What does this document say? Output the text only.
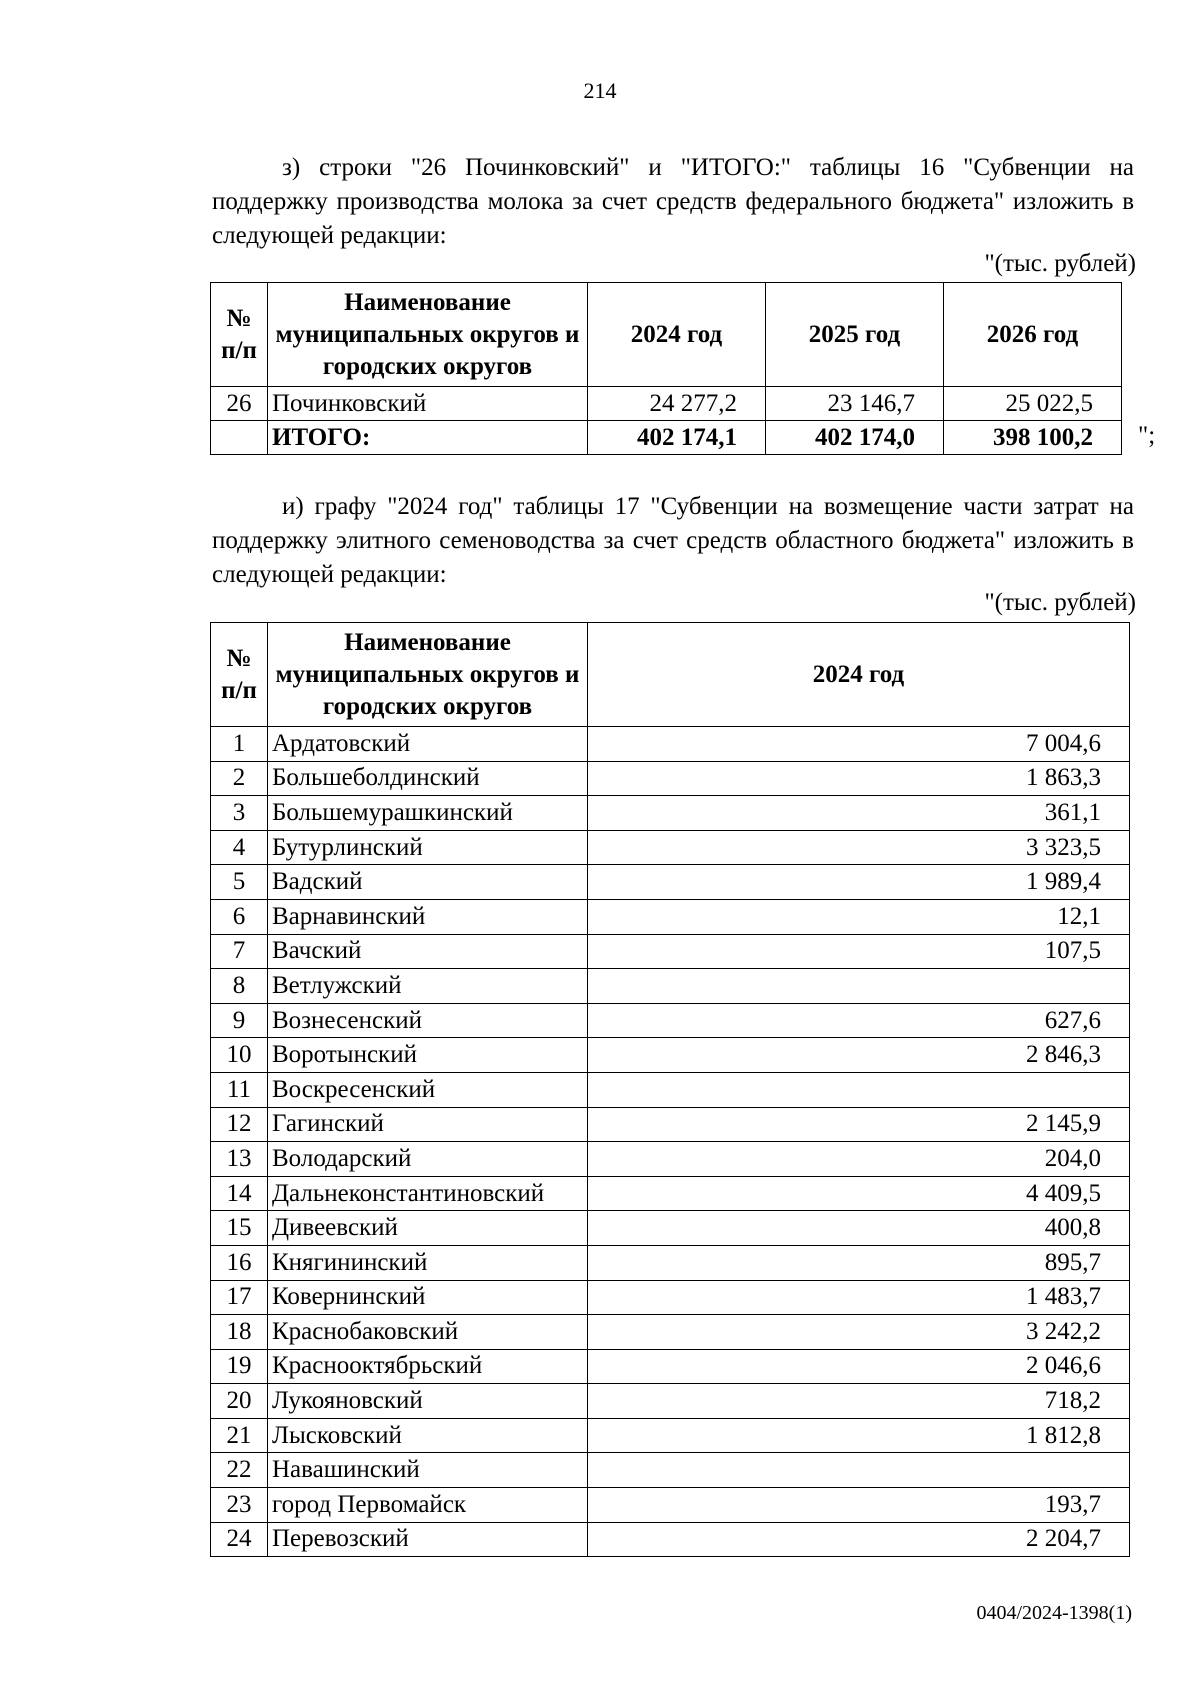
214
з) строки "26 Починковский" и "ИТОГО:" таблицы 16 "Субвенции на поддержку производства молока за счет средств федерального бюджета" изложить в следующей редакции:
"(тыс. рублей)
№ п/п	Наименование муниципальных округов и городских округов	2024 год	2025 год	2026 год
26	Починковский	24 277,2	23 146,7	25 022,5
	ИТОГО:	402 174,1	402 174,0	398 100,2 ";
и) графу "2024 год" таблицы 17 "Субвенции на возмещение части затрат на поддержку элитного семеноводства за счет средств областного бюджета" изложить в следующей редакции:
"(тыс. рублей)
№ п/п	Наименование муниципальных округов и городских округов	2024 год
1	Ардатовский	7 004,6
2	Большеболдинский	1 863,3
3	Большемурашкинский	361,1
4	Бутурлинский	3 323,5
5	Вадский	1 989,4
6	Варнавинский	12,1
7	Вачский	107,5
8	Ветлужский	
9	Вознесенский	627,6
10	Воротынский	2 846,3
11	Воскресенский	
12	Гагинский	2 145,9
13	Володарский	204,0
14	Дальнеконстантиновский	4 409,5
15	Дивеевский	400,8
16	Княгининский	895,7
17	Ковернинский	1 483,7
18	Краснобаковский	3 242,2
19	Краснооктябрьский	2 046,6
20	Лукояновский	718,2
21	Лысковский	1 812,8
22	Навашинский	
23	город Первомайск	193,7
24	Перевозский	2 204,7
0404/2024-1398(1)
